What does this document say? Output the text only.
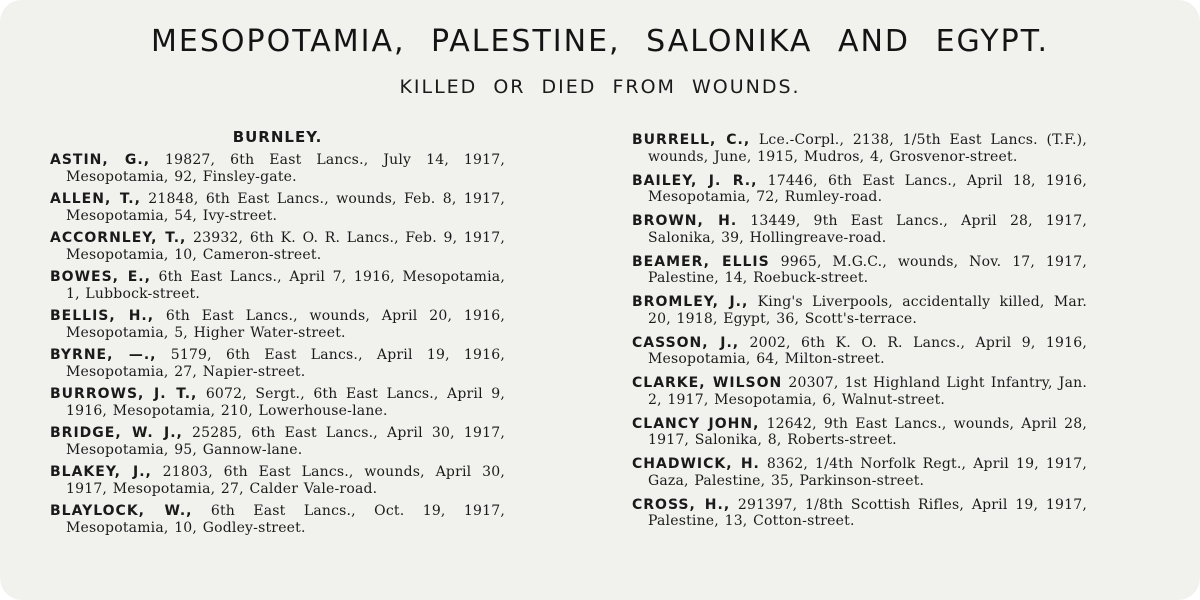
MESOPOTAMIA, PALESTINE, SALONIKA AND EGYPT.
KILLED OR DIED FROM WOUNDS.
BURNLEY.
ASTIN, G., 19827, 6th East Lancs., July 14, 1917, Mesopotamia, 92, Finsley-gate.
ALLEN, T., 21848, 6th East Lancs., wounds, Feb. 8, 1917, Mesopotamia, 54, Ivy-street.
ACCORNLEY, T., 23932, 6th K. O. R. Lancs., Feb. 9, 1917, Mesopotamia, 10, Cameron-street.
BOWES, E., 6th East Lancs., April 7, 1916, Mesopotamia, 1, Lubbock-street.
BELLIS, H., 6th East Lancs., wounds, April 20, 1916, Mesopotamia, 5, Higher Water-street.
BYRNE, —., 5179, 6th East Lancs., April 19, 1916, Mesopotamia, 27, Napier-street.
BURROWS, J. T., 6072, Sergt., 6th East Lancs., April 9, 1916, Mesopotamia, 210, Lowerhouse-lane.
BRIDGE, W. J., 25285, 6th East Lancs., April 30, 1917, Mesopotamia, 95, Gannow-lane.
BLAKEY, J., 21803, 6th East Lancs., wounds, April 30, 1917, Mesopotamia, 27, Calder Vale-road.
BLAYLOCK, W., 6th East Lancs., Oct. 19, 1917, Mesopotamia, 10, Godley-street.
BURRELL, C., Lce.-Corpl., 2138, 1/5th East Lancs. (T.F.), wounds, June, 1915, Mudros, 4, Grosvenor-street.
BAILEY, J. R., 17446, 6th East Lancs., April 18, 1916, Mesopotamia, 72, Rumley-road.
BROWN, H. 13449, 9th East Lancs., April 28, 1917, Salonika, 39, Hollingreave-road.
BEAMER, ELLIS 9965, M.G.C., wounds, Nov. 17, 1917, Palestine, 14, Roebuck-street.
BROMLEY, J., King's Liverpools, accidentally killed, Mar. 20, 1918, Egypt, 36, Scott's-terrace.
CASSON, J., 2002, 6th K. O. R. Lancs., April 9, 1916, Mesopotamia, 64, Milton-street.
CLARKE, WILSON 20307, 1st Highland Light Infantry, Jan. 2, 1917, Mesopotamia, 6, Walnut-street.
CLANCY JOHN, 12642, 9th East Lancs., wounds, April 28, 1917, Salonika, 8, Roberts-street.
CHADWICK, H. 8362, 1/4th Norfolk Regt., April 19, 1917, Gaza, Palestine, 35, Parkinson-street.
CROSS, H., 291397, 1/8th Scottish Rifles, April 19, 1917, Palestine, 13, Cotton-street.
